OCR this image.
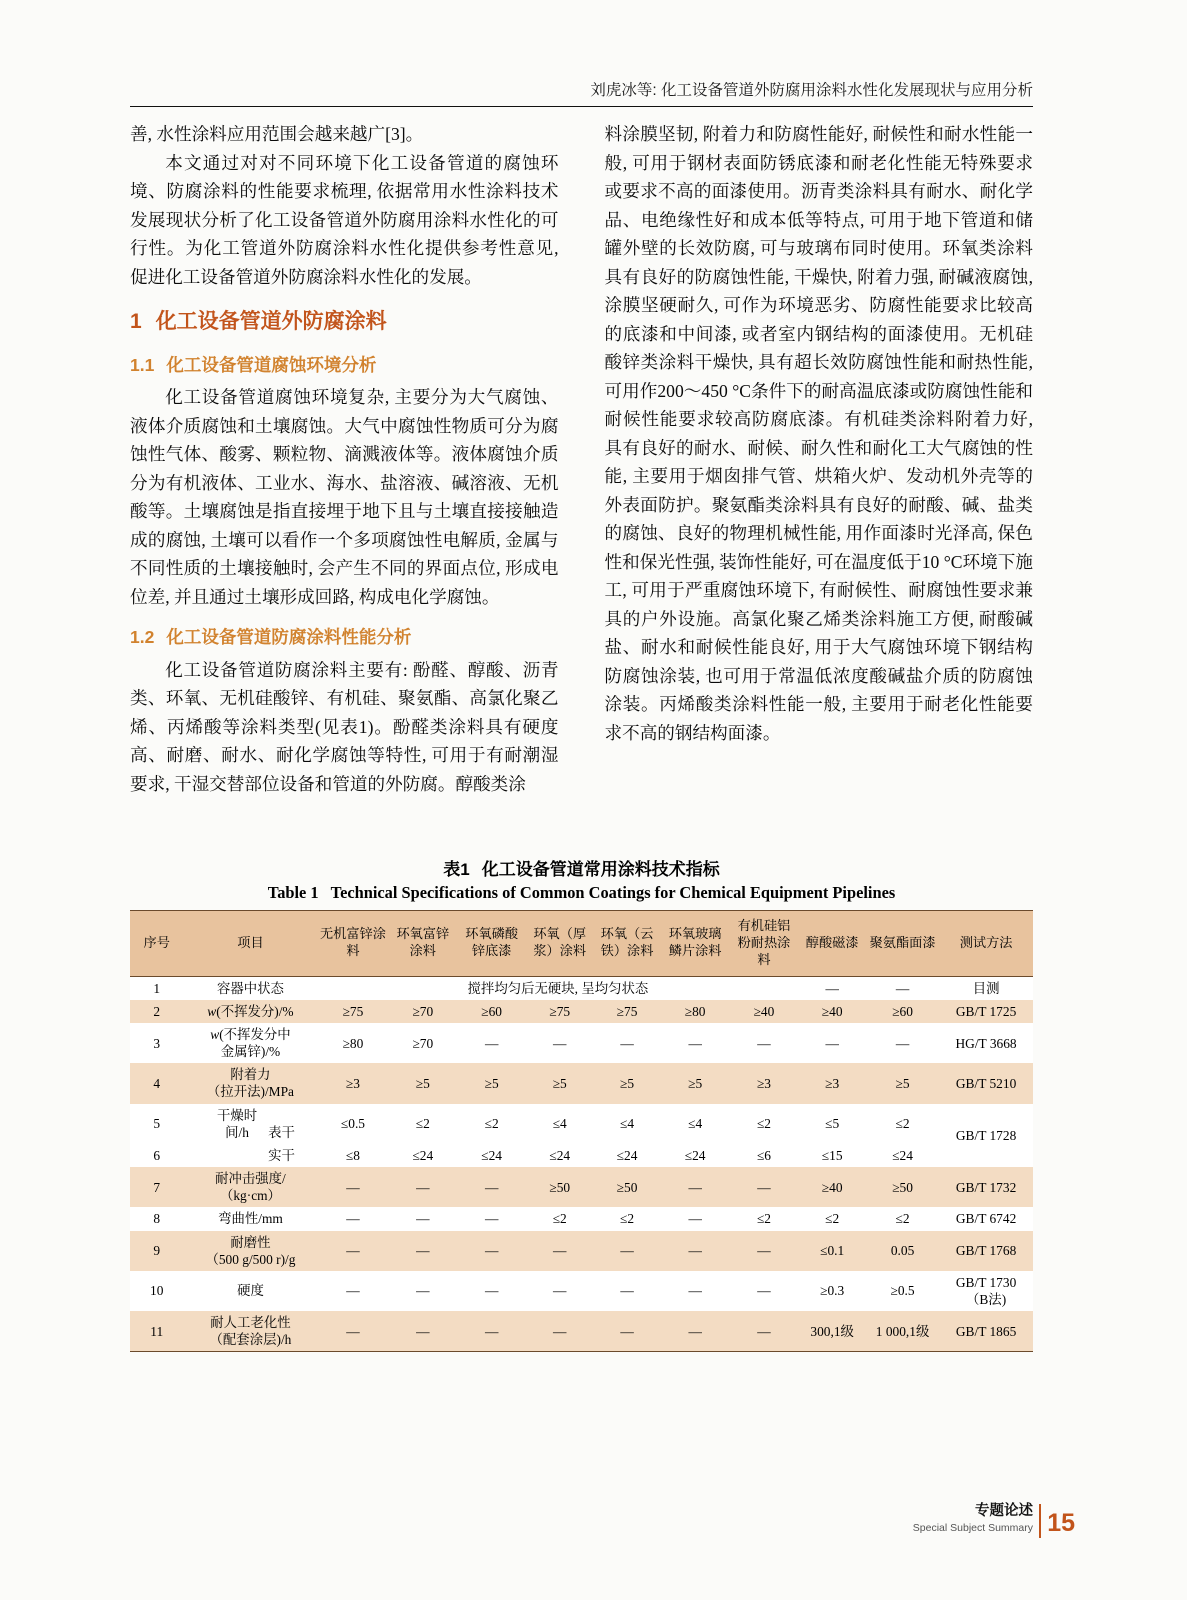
刘虎冰等: 化工设备管道外防腐用涂料水性化发展现状与应用分析

善, 水性涂料应用范围会越来越广[3]。

本文通过对对不同环境下化工设备管道的腐蚀环境、防腐涂料的性能要求梳理, 依据常用水性涂料技术发展现状分析了化工设备管道外防腐用涂料水性化的可行性。为化工管道外防腐涂料水性化提供参考性意见, 促进化工设备管道外防腐涂料水性化的发展。

1 化工设备管道外防腐涂料
1.1 化工设备管道腐蚀环境分析

化工设备管道腐蚀环境复杂, 主要分为大气腐蚀、液体介质腐蚀和土壤腐蚀。大气中腐蚀性物质可分为腐蚀性气体、酸雾、颗粒物、滴溅液体等。液体腐蚀介质分为有机液体、工业水、海水、盐溶液、碱溶液、无机酸等。土壤腐蚀是指直接埋于地下且与土壤直接接触造成的腐蚀, 土壤可以看作一个多项腐蚀性电解质, 金属与不同性质的土壤接触时, 会产生不同的界面点位, 形成电位差, 并且通过土壤形成回路, 构成电化学腐蚀。

1.2 化工设备管道防腐涂料性能分析

化工设备管道防腐涂料主要有: 酚醛、醇酸、沥青类、环氧、无机硅酸锌、有机硅、聚氨酯、高氯化聚乙烯、丙烯酸等涂料类型(见表1)。酚醛类涂料具有硬度高、耐磨、耐水、耐化学腐蚀等特性, 可用于有耐潮湿要求, 干湿交替部位设备和管道的外防腐。醇酸类涂

料涂膜坚韧, 附着力和防腐性能好, 耐候性和耐水性能一般, 可用于钢材表面防锈底漆和耐老化性能无特殊要求或要求不高的面漆使用。沥青类涂料具有耐水、耐化学品、电绝缘性好和成本低等特点, 可用于地下管道和储罐外壁的长效防腐, 可与玻璃布同时使用。环氧类涂料具有良好的防腐蚀性能, 干燥快, 附着力强, 耐碱液腐蚀, 涂膜坚硬耐久, 可作为环境恶劣、防腐性能要求比较高的底漆和中间漆, 或者室内钢结构的面漆使用。无机硅酸锌类涂料干燥快, 具有超长效防腐蚀性能和耐热性能, 可用作200～450 °C条件下的耐高温底漆或防腐蚀性能和耐候性能要求较高防腐底漆。有机硅类涂料附着力好, 具有良好的耐水、耐候、耐久性和耐化工大气腐蚀的性能, 主要用于烟囱排气管、烘箱火炉、发动机外壳等的外表面防护。聚氨酯类涂料具有良好的耐酸、碱、盐类的腐蚀、良好的物理机械性能, 用作面漆时光泽高, 保色性和保光性强, 装饰性能好, 可在温度低于10 °C环境下施工, 可用于严重腐蚀环境下, 有耐候性、耐腐蚀性要求兼具的户外设施。高氯化聚乙烯类涂料施工方便, 耐酸碱盐、耐水和耐候性能良好, 用于大气腐蚀环境下钢结构防腐蚀涂装, 也可用于常温低浓度酸碱盐介质的防腐蚀涂装。丙烯酸类涂料性能一般, 主要用于耐老化性能要求不高的钢结构面漆。

表1 化工设备管道常用涂料技术指标
Table 1 Technical Specifications of Common Coatings for Chemical Equipment Pipelines
序号	项目	无机富锌涂料	环氧富锌涂料	环氧磷酸锌底漆	环氧（厚浆）涂料	环氧（云铁）涂料	环氧玻璃鳞片涂料	有机硅铝粉耐热涂料	醇酸磁漆	聚氨酯面漆	测试方法
1	容器中状态	搅拌均匀后无硬块, 呈均匀状态							—	—	目测
2	w(不挥发分)/%	≥75	≥70	≥60	≥75	≥75	≥80	≥40	≥40	≥60	GB/T 1725
3	w(不挥发分中
金属锌)/%	≥80	≥70	—	—	—	—	—	—	—	HG/T 3668
4	附着力
（拉开法)/MPa	≥3	≥5	≥5	≥5	≥5	≥5	≥3	≥3	≥5	GB/T 5210
5	干燥时间/h 表干	≤0.5	≤2	≤2	≤4	≤4	≤4	≤2	≤5	≤2	GB/T 1728
6	实干	≤8	≤24	≤24	≤24	≤24	≤24	≤6	≤15	≤24	
7	耐冲击强度/
（kg·cm）	—	—	—	≥50	≥50	—	—	≥40	≥50	GB/T 1732
8	弯曲性/mm	—	—	—	≤2	≤2	—	≤2	≤2	≤2	GB/T 6742
9	耐磨性
（500 g/500 r)/g	—	—	—	—	—	—	—	≤0.1	0.05	GB/T 1768
10	硬度	—	—	—	—	—	—	—	≥0.3	≥0.5	GB/T 1730
（B法)
11	耐人工老化性
（配套涂层)/h	—	—	—	—	—	—	—	300,1级	1 000,1级	GB/T 1865
专题论述
Special Subject Summary 15
